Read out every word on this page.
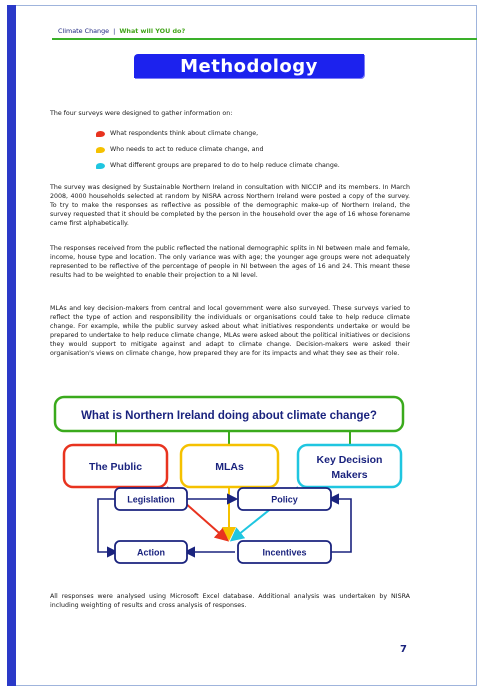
Climate Change | What will YOU do?
Methodology
The four surveys were designed to gather information on:
What respondents think about climate change,
Who needs to act to reduce climate change, and
What different groups are prepared to do to help reduce climate change.
The survey was designed by Sustainable Northern Ireland in consultation with NICCIP and its members. In March 2008, 4000 households selected at random by NISRA across Northern Ireland were posted a copy of the survey. To try to make the responses as reflective as possible of the demographic make-up of Northern Ireland, the survey requested that it should be completed by the person in the household over the age of 16 whose forename came first alphabetically.
The responses received from the public reflected the national demographic splits in NI between male and female, income, house type and location. The only variance was with age; the younger age groups were not adequately represented to be reflective of the percentage of people in NI between the ages of 16 and 24. This meant these results had to be weighted to enable their projection to a NI level.
MLAs and key decision-makers from central and local government were also surveyed. These surveys varied to reflect the type of action and responsibility the individuals or organisations could take to help reduce climate change. For example, while the public survey asked about what initiatives respondents undertake or would be prepared to undertake to help reduce climate change, MLAs were asked about the political initiatives or decisions they would support to mitigate against and adapt to climate change. Decision-makers were asked their organisation's views on climate change, how prepared they are for its impacts and what they see as their role.
What is Northern Ireland doing about climate change?
The Public	MLAs
Key Decision
Makers
Legislation	Policy
Action	Incentives
All responses were analysed using Microsoft Excel database. Additional analysis was undertaken by NISRA including weighting of results and cross analysis of responses.
7
